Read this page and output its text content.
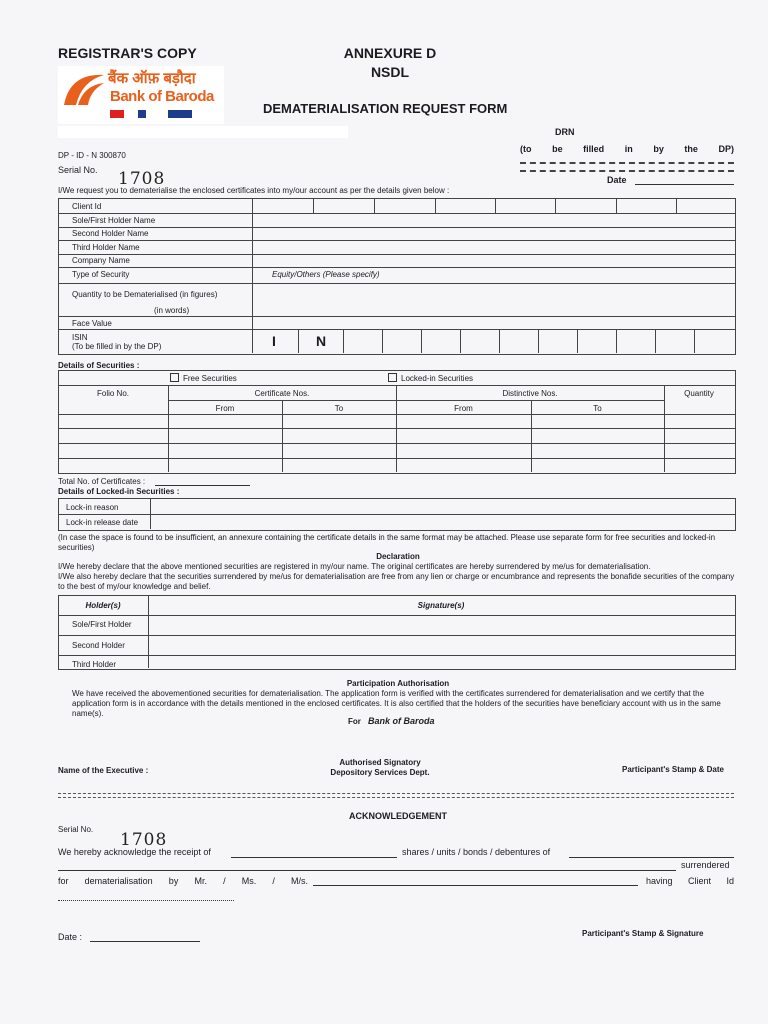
REGISTRAR'S COPY
बैंक ऑफ़ बड़ौदा
Bank of Baroda
ANNEXURE D
NSDL
DEMATERIALISATION REQUEST FORM
DRN
(to be filled in by the DP)
DP - ID - N 300870
Serial No. 1708	Date
I/We request you to dematerialise the enclosed certificates into my/our account as per the details given below :
Client Id
Sole/First Holder Name
Second Holder Name
Third Holder Name
Company Name
Type of Security	Equity/Others (Please specify)
Quantity to be Dematerialised (in figures)
(in words)
Face Value
ISIN
(To be filled in by the DP)	I	N
Details of Securities :
Free Securities	Locked-in Securities
Folio No.	Certificate Nos.	Distinctive Nos.	Quantity
From	To	From	To
Total No. of Certificates :
Details of Locked-in Securities :
Lock-in reason
Lock-in release date
(In case the space is found to be insufficient, an annexure containing the certificate details in the same format may be attached. Please use separate form for free securities and locked-in securities)
Declaration
I/We hereby declare that the above mentioned securities are registered in my/our name. The original certificates are hereby surrendered by me/us for dematerialisation.
I/We also hereby declare that the securities surrendered by me/us for dematerialisation are free from any lien or charge or encumbrance and represents the bonafide securities of the company to the best of my/our knowledge and belief.
Holder(s)	Signature(s)
Sole/First Holder
Second Holder
Third Holder
Participation Authorisation
We have received the abovementioned securities for dematerialisation. The application form is verified with the certificates surrendered for dematerialisation and we certify that the application form is in accordance with the details mentioned in the enclosed certificates. It is also certified that the holders of the securities have beneficiary account with us in the same name(s).
For Bank of Baroda
Name of the Executive :
Authorised Signatory
Depository Services Dept.	Participant's Stamp & Date
ACKNOWLEDGEMENT
Serial No.
1708
We hereby acknowledge the receipt of	shares / units / bonds / debentures of
surrendered
for dematerialisation by Mr. / Ms. / M/s.	having Client Id
Date :	Participant's Stamp & Signature
